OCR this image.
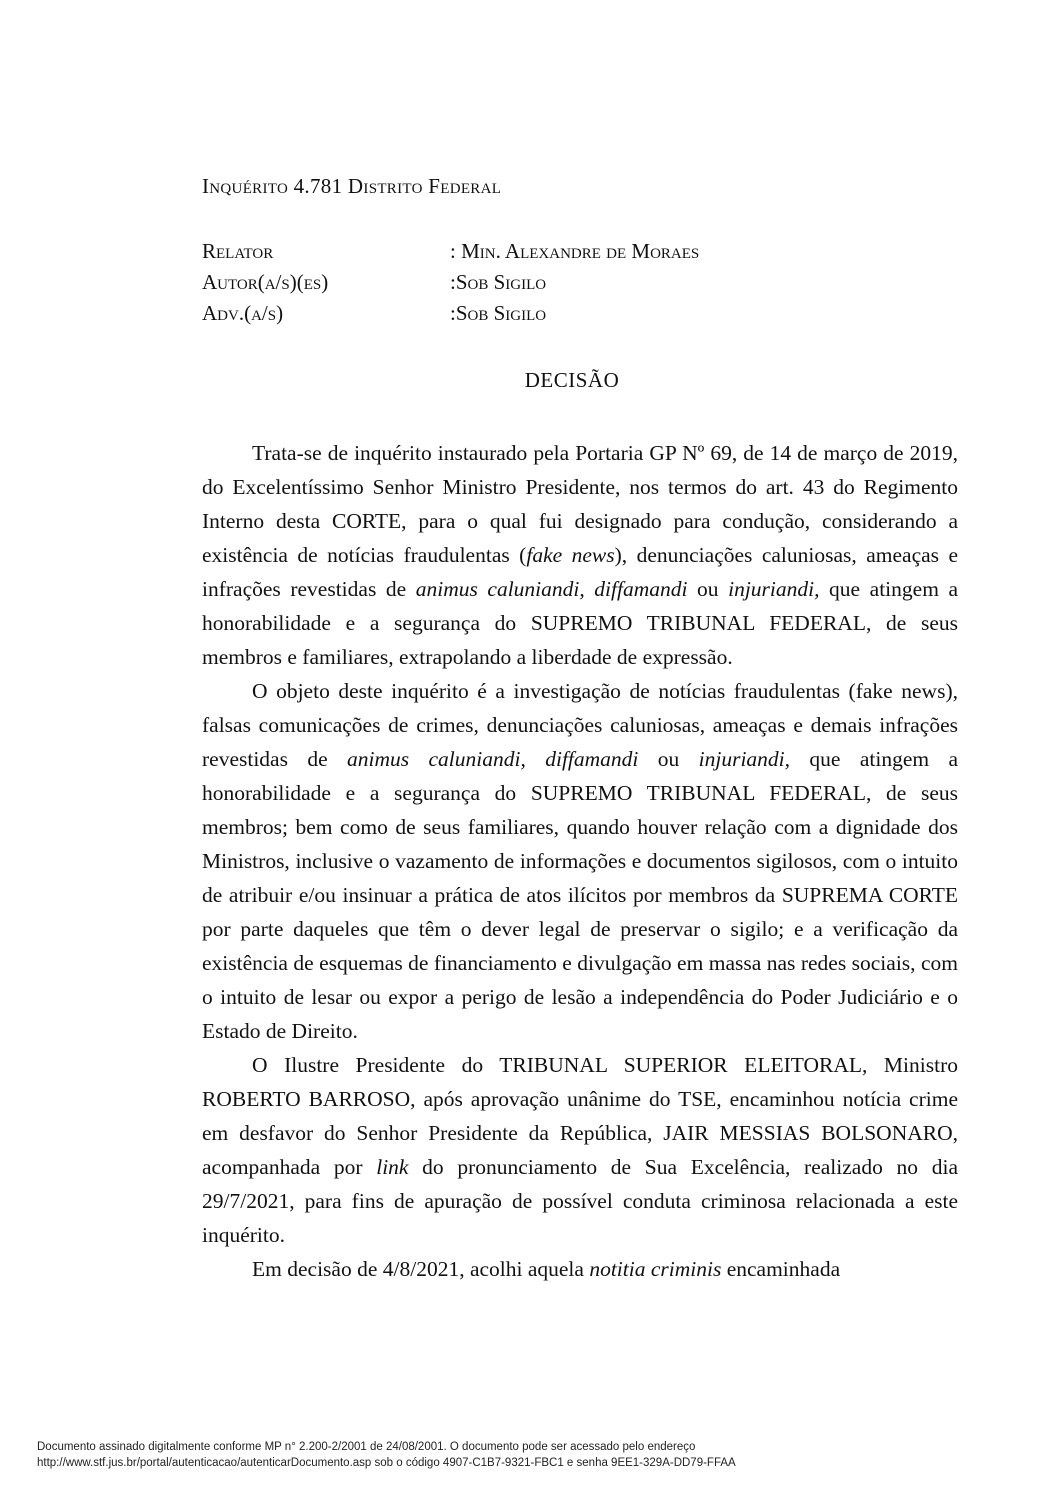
Inquérito 4.781 Distrito Federal
Relator	: Min. Alexandre de Moraes
Autor(a/s)(es)	:Sob Sigilo
Adv.(a/s)	:Sob Sigilo
DECISÃO

Trata-se de inquérito instaurado pela Portaria GP Nº 69, de 14 de março de 2019, do Excelentíssimo Senhor Ministro Presidente, nos termos do art. 43 do Regimento Interno desta CORTE, para o qual fui designado para condução, considerando a existência de notícias fraudulentas (fake news), denunciações caluniosas, ameaças e infrações revestidas de animus caluniandi, diffamandi ou injuriandi, que atingem a honorabilidade e a segurança do SUPREMO TRIBUNAL FEDERAL, de seus membros e familiares, extrapolando a liberdade de expressão.

O objeto deste inquérito é a investigação de notícias fraudulentas (fake news), falsas comunicações de crimes, denunciações caluniosas, ameaças e demais infrações revestidas de animus caluniandi, diffamandi ou injuriandi, que atingem a honorabilidade e a segurança do SUPREMO TRIBUNAL FEDERAL, de seus membros; bem como de seus familiares, quando houver relação com a dignidade dos Ministros, inclusive o vazamento de informações e documentos sigilosos, com o intuito de atribuir e/ou insinuar a prática de atos ilícitos por membros da SUPREMA CORTE por parte daqueles que têm o dever legal de preservar o sigilo; e a verificação da existência de esquemas de financiamento e divulgação em massa nas redes sociais, com o intuito de lesar ou expor a perigo de lesão a independência do Poder Judiciário e o Estado de Direito.

O Ilustre Presidente do TRIBUNAL SUPERIOR ELEITORAL, Ministro ROBERTO BARROSO, após aprovação unânime do TSE, encaminhou notícia crime em desfavor do Senhor Presidente da República, JAIR MESSIAS BOLSONARO, acompanhada por link do pronunciamento de Sua Excelência, realizado no dia 29/7/2021, para fins de apuração de possível conduta criminosa relacionada a este inquérito.

Em decisão de 4/8/2021, acolhi aquela notitia criminis encaminhada

Documento assinado digitalmente conforme MP n° 2.200-2/2001 de 24/08/2001. O documento pode ser acessado pelo endereço
http://www.stf.jus.br/portal/autenticacao/autenticarDocumento.asp sob o código 4907-C1B7-9321-FBC1 e senha 9EE1-329A-DD79-FFAA
